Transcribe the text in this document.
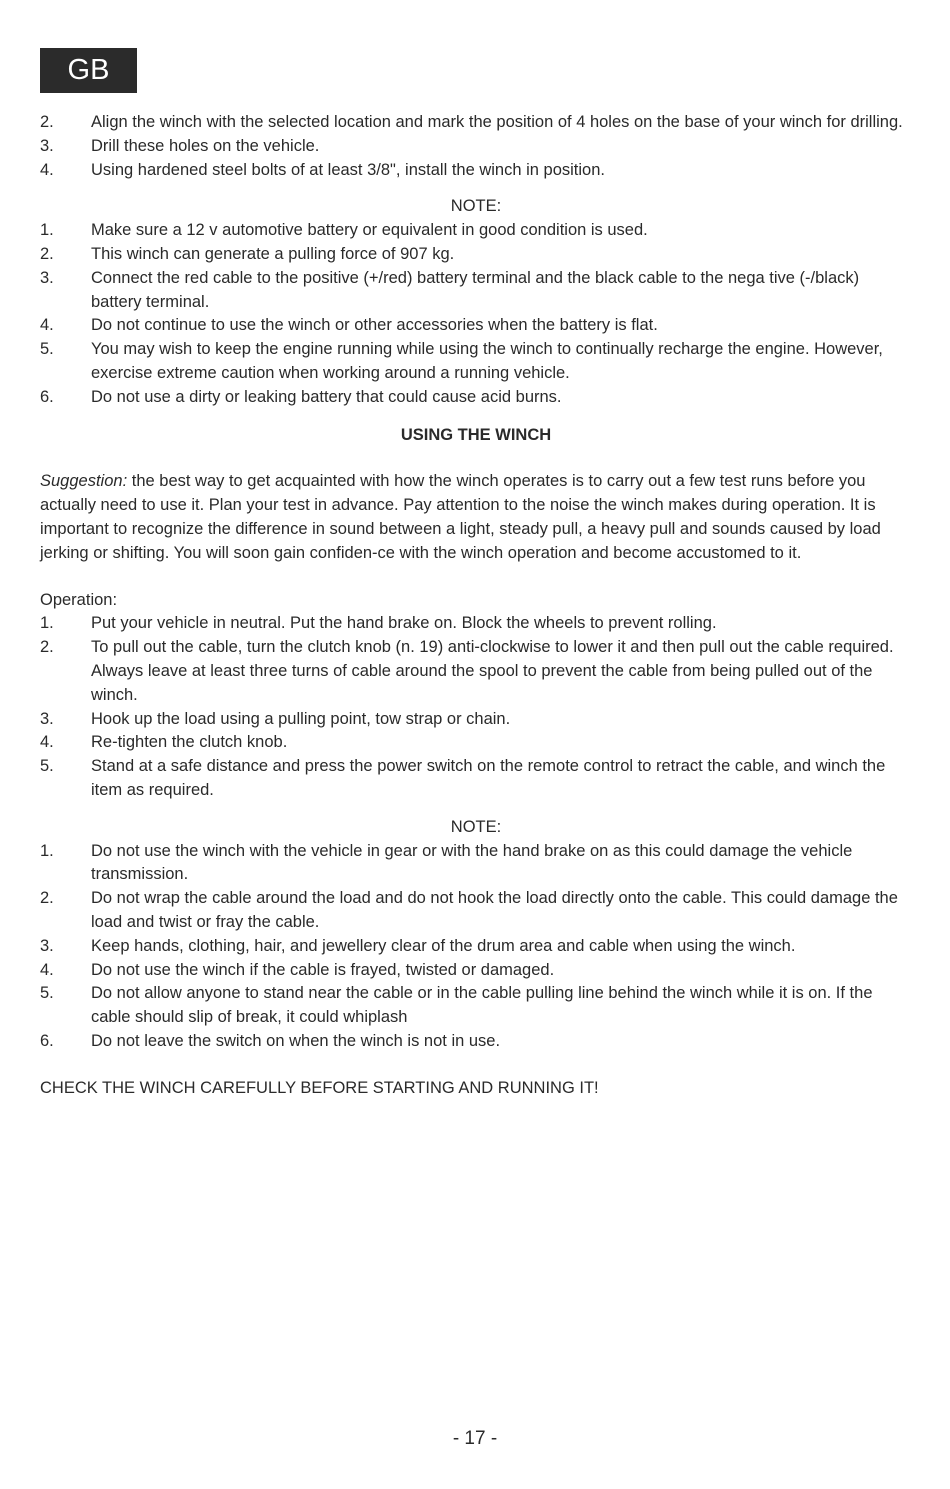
GB
2.	Align the winch with the selected location and mark the position of 4 holes on the base of your winch for drilling.
3.	Drill these holes on the vehicle.
4.	Using hardened steel bolts of at least 3/8", install the winch in position.
NOTE:
1.	Make sure a 12 v automotive battery or equivalent in good condition is used.
2.	This winch can generate a pulling force of 907 kg.
3.	Connect the red cable to the positive (+/red) battery terminal and the black cable to the nega tive (-/black) battery terminal.
4.	Do not continue to use the winch or other accessories when the battery is flat.
5.	You may wish to keep the engine running while using the winch to continually recharge the engine. However, exercise extreme caution when working around a running vehicle.
6.	Do not use a dirty or leaking battery that could cause acid burns.
USING THE WINCH
Suggestion: the best way to get acquainted with how the winch operates is to carry out a few test runs before you actually need to use it. Plan your test in advance. Pay attention to the noise the winch makes during operation. It is important to recognize the difference in sound between a light, steady pull, a heavy pull and sounds caused by load jerking or shifting. You will soon gain confiden-ce with the winch operation and become accustomed to it.
Operation:
1.	Put your vehicle in neutral. Put the hand brake on. Block the wheels to prevent rolling.
2.	To pull out the cable, turn the clutch knob (n. 19) anti-clockwise to lower it and then pull out the cable required. Always leave at least three turns of cable around the spool to prevent the cable from being pulled out of the winch.
3.	Hook up the load using a pulling point, tow strap or chain.
4.	Re-tighten the clutch knob.
5.	Stand at a safe distance and press the power switch on the remote control to retract the cable, and winch the item as required.
NOTE:
1.	Do not use the winch with the vehicle in gear or with the hand brake on as this could damage the vehicle transmission.
2.	Do not wrap the cable around the load and do not hook the load directly onto the cable. This could damage the load and twist or fray the cable.
3.	Keep hands, clothing, hair, and jewellery clear of the drum area and cable when using the winch.
4.	Do not use the winch if the cable is frayed, twisted or damaged.
5.	Do not allow anyone to stand near the cable or in the cable pulling line behind the winch while it is on. If the cable should slip of break, it could whiplash
6.	Do not leave the switch on when the winch is not in use.
CHECK THE WINCH CAREFULLY BEFORE STARTING AND RUNNING IT!
- 17 -
